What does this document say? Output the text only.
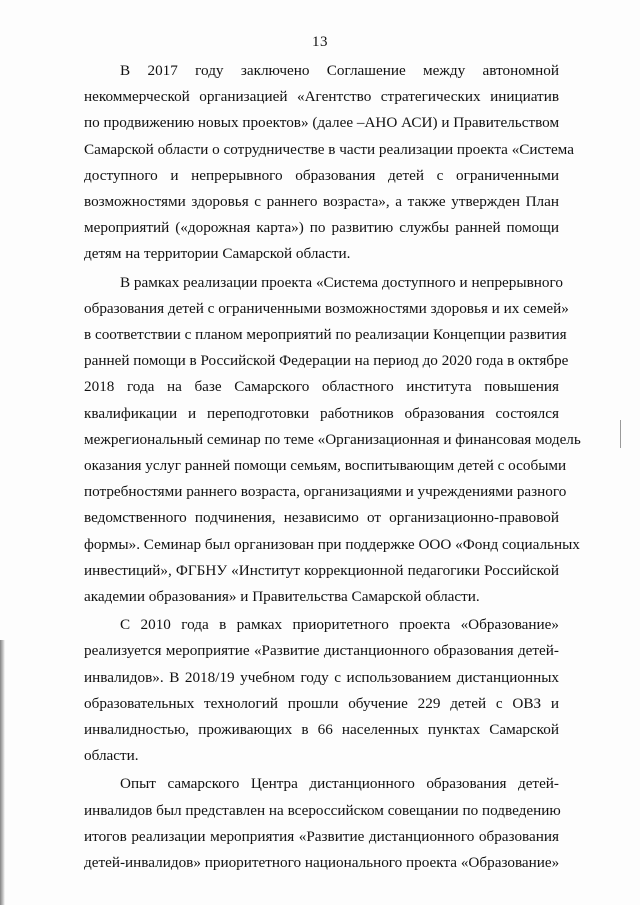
13

В 2017 году заключено Соглашение между автономной
некоммерческой организацией «Агентство стратегических инициатив
по продвижению новых проектов» (далее –АНО АСИ) и Правительством
Самарской области о сотрудничестве в части реализации проекта «Система
доступного и непрерывного образования детей с ограниченными
возможностями здоровья с раннего возраста», а также утвержден План
мероприятий («дорожная карта») по развитию службы ранней помощи
детям на территории Самарской области.

В рамках реализации проекта «Система доступного и непрерывного
образования детей с ограниченными возможностями здоровья и их семей»
в соответствии с планом мероприятий по реализации Концепции развития
ранней помощи в Российской Федерации на период до 2020 года в октябре
2018 года на базе Самарского областного института повышения
квалификации и переподготовки работников образования состоялся
межрегиональный семинар по теме «Организационная и финансовая модель
оказания услуг ранней помощи семьям, воспитывающим детей с особыми
потребностями раннего возраста, организациями и учреждениями разного
ведомственного подчинения, независимо от организационно-правовой
формы». Семинар был организован при поддержке ООО «Фонд социальных
инвестиций», ФГБНУ «Институт коррекционной педагогики Российской
академии образования» и Правительства Самарской области.

С 2010 года в рамках приоритетного проекта «Образование»
реализуется мероприятие «Развитие дистанционного образования детей-
инвалидов». В 2018/19 учебном году с использованием дистанционных
образовательных технологий прошли обучение 229 детей с ОВЗ и
инвалидностью, проживающих в 66 населенных пунктах Самарской
области.

Опыт самарского Центра дистанционного образования детей-
инвалидов был представлен на всероссийском совещании по подведению
итогов реализации мероприятия «Развитие дистанционного образования
детей-инвалидов» приоритетного национального проекта «Образование»
